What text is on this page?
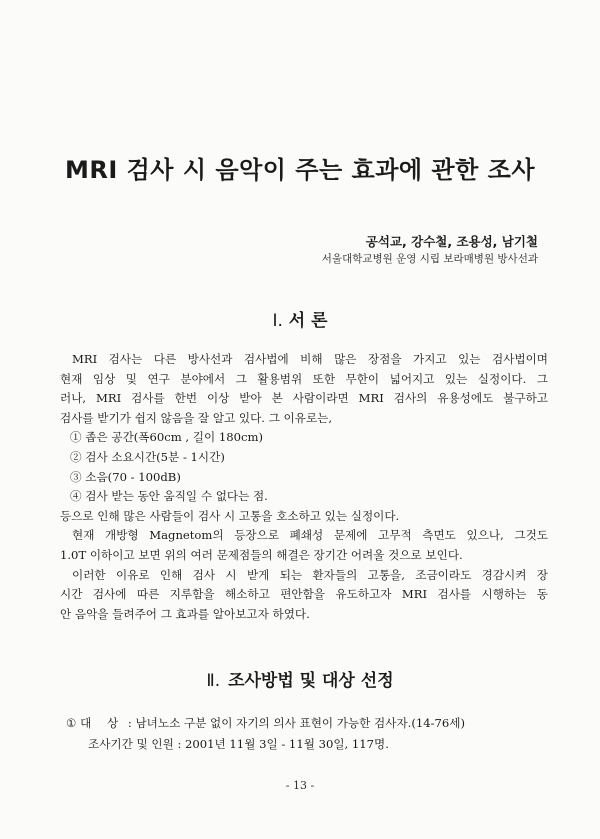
MRI 검사 시 음악이 주는 효과에 관한 조사
공석교, 강수철, 조용성, 남기철
서울대학교병원 운영 시립 보라매병원 방사선과
Ⅰ. 서 론
MRI 검사는 다른 방사선과 검사법에 비해 많은 장점을 가지고 있는 검사법이며
현재 임상 및 연구 분야에서 그 활용범위 또한 무한이 넓어지고 있는 실정이다. 그
러나, MRI 검사를 한번 이상 받아 본 사람이라면 MRI 검사의 유용성에도 불구하고
검사를 받기가 쉽지 않음을 잘 알고 있다. 그 이유로는,
① 좁은 공간(폭60cm , 길이 180cm)
② 검사 소요시간(5분 - 1시간)
③ 소음(70 - 100dB)
④ 검사 받는 동안 움직일 수 없다는 점.
등으로 인해 많은 사람들이 검사 시 고통을 호소하고 있는 실정이다.
현재 개방형 Magnetom의 등장으로 폐쇄성 문제에 고무적 측면도 있으나, 그것도
1.0T 이하이고 보면 위의 여러 문제점들의 해결은 장기간 어려울 것으로 보인다.
이러한 이유로 인해 검사 시 받게 되는 환자들의 고통을, 조금이라도 경감시켜 장
시간 검사에 따른 지루함을 해소하고 편안함을 유도하고자 MRI 검사를 시행하는 동
안 음악을 들려주어 그 효과를 알아보고자 하였다.
Ⅱ. 조사방법 및 대상 선정
① 대 상 : 남녀노소 구분 없이 자기의 의사 표현이 가능한 검사자.(14-76세)
조사기간 및 인원 : 2001년 11월 3일 - 11월 30일, 117명.
- 13 -
